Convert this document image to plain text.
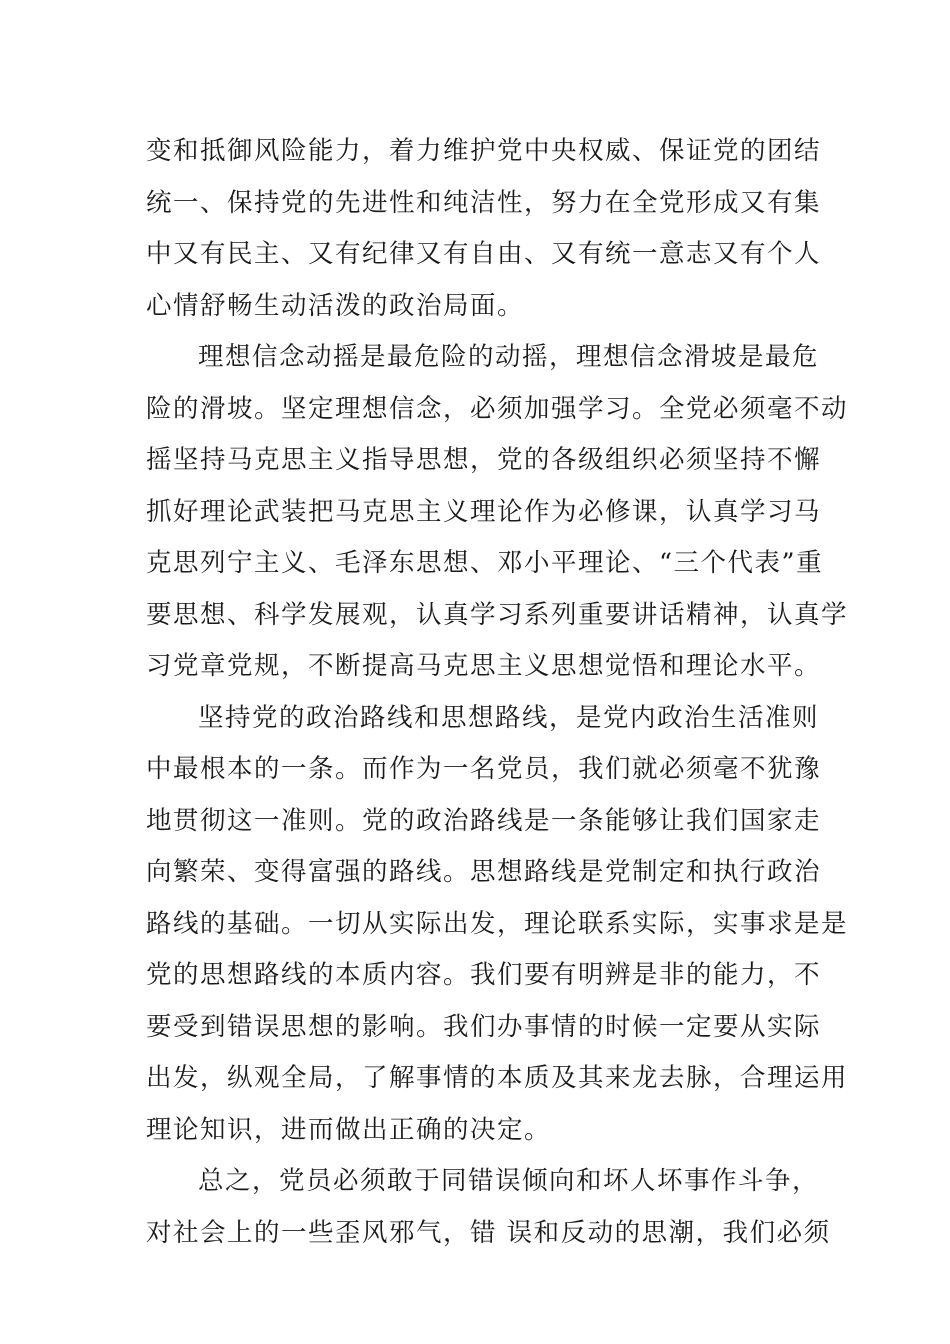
变和抵御风险能力，着力维护党中央权威、保证党的团结
统一、保持党的先进性和纯洁性，努力在全党形成又有集
中又有民主、又有纪律又有自由、又有统一意志又有个人
心情舒畅生动活泼的政治局面。
理想信念动摇是最危险的动摇，理想信念滑坡是最危
险的滑坡。坚定理想信念，必须加强学习。全党必须毫不动
摇坚持马克思主义指导思想，党的各级组织必须坚持不懈
抓好理论武装把马克思主义理论作为必修课，认真学习马
克思列宁主义、毛泽东思想、邓小平理论、“三个代表”重
要思想、科学发展观，认真学习系列重要讲话精神，认真学
习党章党规，不断提高马克思主义思想觉悟和理论水平。
坚持党的政治路线和思想路线，是党内政治生活准则
中最根本的一条。而作为一名党员，我们就必须毫不犹豫
地贯彻这一准则。党的政治路线是一条能够让我们国家走
向繁荣、变得富强的路线。思想路线是党制定和执行政治
路线的基础。一切从实际出发，理论联系实际，实事求是是
党的思想路线的本质内容。我们要有明辨是非的能力，不
要受到错误思想的影响。我们办事情的时候一定要从实际
出发，纵观全局，了解事情的本质及其来龙去脉，合理运用
理论知识，进而做出正确的决定。
总之，党员必须敢于同错误倾向和坏人坏事作斗争，
对社会上的一些歪风邪气，错 误和反动的思潮，我们必须
